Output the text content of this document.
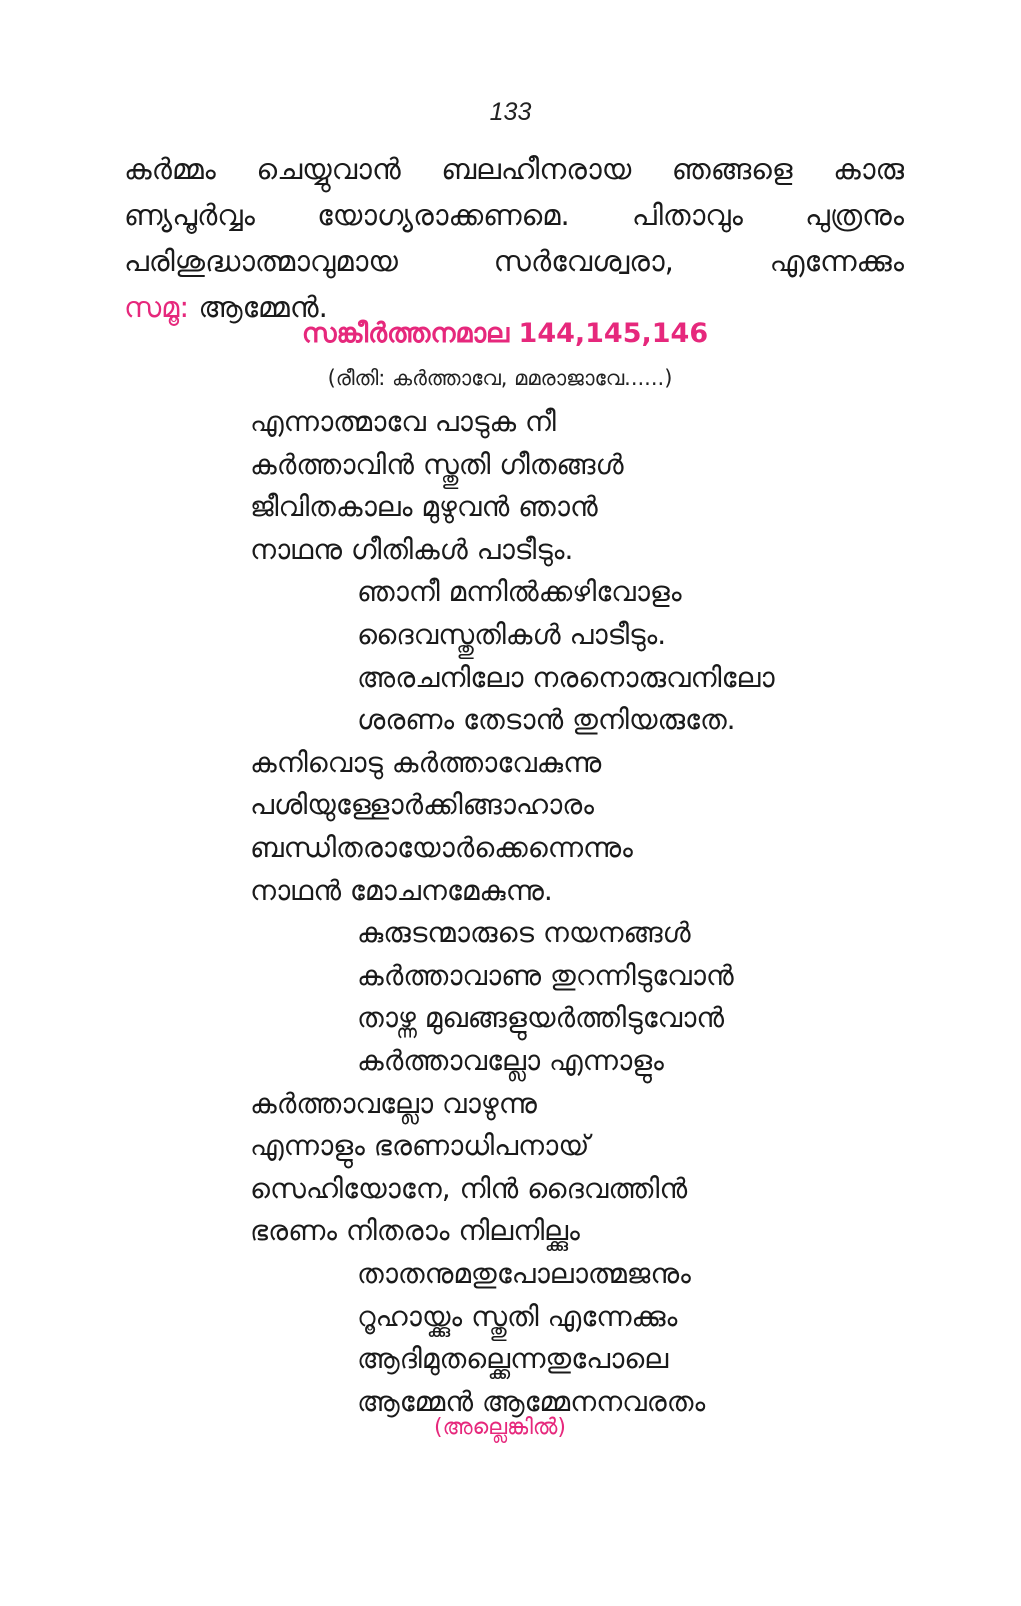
133
കർമ്മം ചെയ്യുവാൻ ബലഹീനരായ ഞങ്ങളെ കാരു
ണ്യപൂർവ്വം യോഗ്യരാക്കണമെ. പിതാവും പുത്രനും
പരിശുദ്ധാത്മാവുമായ സർവേശ്വരാ, എന്നേക്കും
സമൂ: ആമ്മേൻ.
സങ്കീർത്തനമാല 144,145,146
(രീതി: കർത്താവേ, മമരാജാവേ......)
എന്നാത്മാവേ പാടുക നീ
കർത്താവിൻ സ്തുതി ഗീതങ്ങൾ
ജീവിതകാലം മുഴുവൻ ഞാൻ
നാഥനു ഗീതികൾ പാടീടും.
ഞാനീ മന്നിൽക്കഴിവോളം
ദൈവസ്തുതികൾ പാടീടും.
അരചനിലോ നരനൊരുവനിലോ
ശരണം തേടാൻ തുനിയരുതേ.
കനിവൊടു കർത്താവേകുന്നു
പശിയുള്ളോർക്കിങ്ങാഹാരം
ബന്ധിതരായോർക്കെന്നെന്നും
നാഥൻ മോചനമേകുന്നു.
കുരുടന്മാരുടെ നയനങ്ങൾ
കർത്താവാണു തുറന്നിടുവോൻ
താഴ്ന്ന മുഖങ്ങളുയർത്തിടുവോൻ
കർത്താവല്ലോ എന്നാളും
കർത്താവല്ലോ വാഴുന്നു
എന്നാളും ഭരണാധിപനായ്
സെഹിയോനേ, നിൻ ദൈവത്തിൻ
ഭരണം നിതരാം നിലനില്ക്കും
താതനുമതുപോലാത്മജനും
റൂഹായ്ക്കും സ്തുതി എന്നേക്കും
ആദിമുതല്ക്കെന്നതുപോലെ
ആമ്മേൻ ആമ്മേനനവരതം
(അല്ലെങ്കിൽ)
